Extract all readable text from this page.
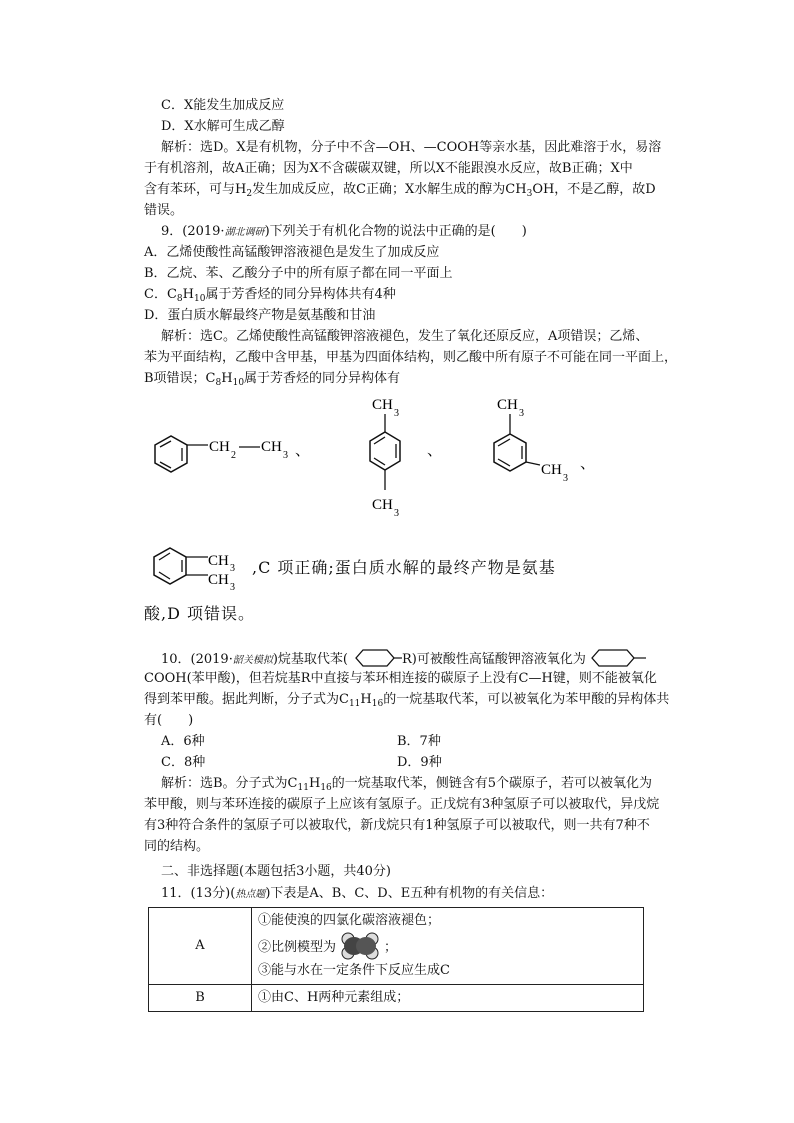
C．X能发生加成反应
D．X水解可生成乙醇
解析：选D。X是有机物，分子中不含—OH、—COOH等亲水基，因此难溶于水，易溶
于有机溶剂，故A正确；因为X不含碳碳双键，所以X不能跟溴水反应，故B正确；X中
含有苯环，可与$H_2$发生加成反应，故C正确；X水解生成的醇为$CH_3OH$，不是乙醇，故D
错误。
9．(2019·湖北调研)下列关于有机化合物的说法中正确的是(　　)
A．乙烯使酸性高锰酸钾溶液褪色是发生了加成反应
B．乙烷、苯、乙酸分子中的所有原子都在同一平面上
C．$C_8H_{10}$属于芳香烃的同分异构体共有4种
D．蛋白质水解最终产物是氨基酸和甘油
解析：选C。乙烯使酸性高锰酸钾溶液褪色，发生了氧化还原反应，A项错误；乙烯、
苯为平面结构，乙酸中含甲基，甲基为四面体结构，则乙酸中所有原子不可能在同一平面上，
B项错误；$C_8H_{10}$属于芳香烃的同分异构体有
CH
2
CH
3 、
CH
3
CH
3
、
CH
3
CH
3
、
CH 3
CH 3
,C 项正确;蛋白质水解的最终产物是氨基
酸,D 项错误。
10．(2019·韶关模拟)烷基取代苯(	R)可被酸性高锰酸钾溶液氧化为
COOH(苯甲酸)，但若烷基R中直接与苯环相连接的碳原子上没有C—H键，则不能被氧化
得到苯甲酸。据此判断，分子式为$C_{11}H_{16}$的一烷基取代苯，可以被氧化为苯甲酸的异构体共
有(　　)
A．6种	B．7种
C．8种	D．9种
解析：选B。分子式为$C_{11}H_{16}$的一烷基取代苯，侧链含有5个碳原子，若可以被氧化为
苯甲酸，则与苯环连接的碳原子上应该有氢原子。正戊烷有3种氢原子可以被取代，异戊烷
有3种符合条件的氢原子可以被取代，新戊烷只有1种氢原子可以被取代，则一共有7种不
同的结构。
二、非选择题(本题包括3小题，共40分)
11．(13分)(热点题)下表是A、B、C、D、E五种有机物的有关信息：
A	①能使溴的四氯化碳溶液褪色；
②比例模型为 ；
③能与水在一定条件下反应生成C

B	①由C、H两种元素组成；
